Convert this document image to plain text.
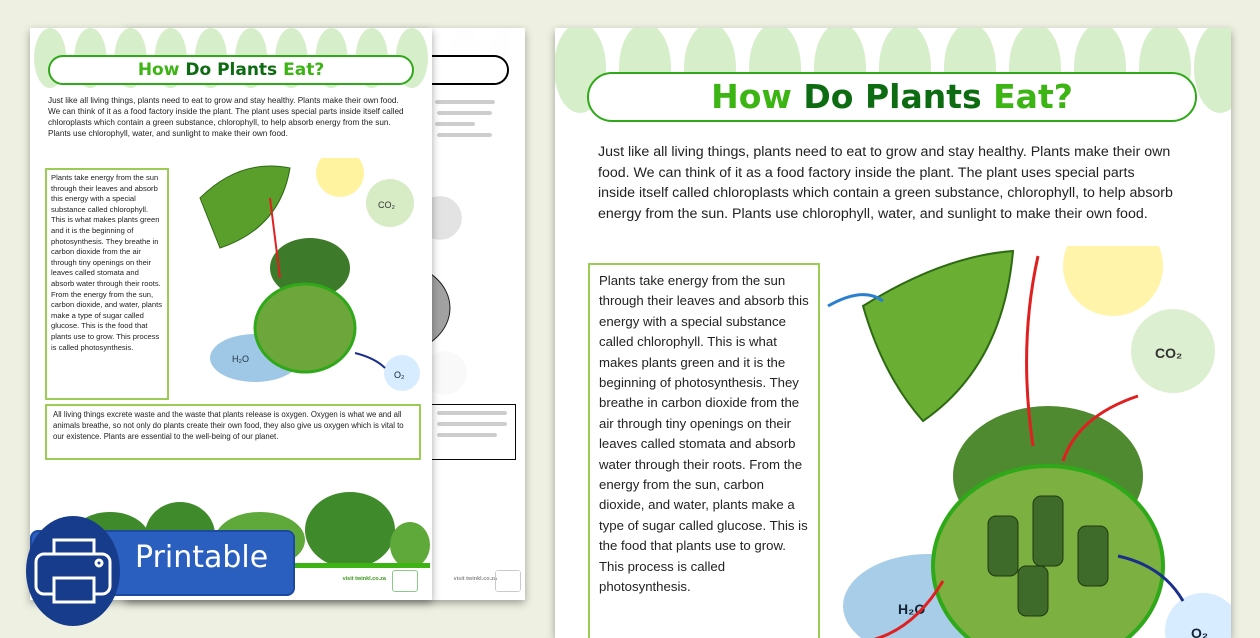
visit twinkl.co.za
How Do Plants Eat?
Just like all living things, plants need to eat to grow and stay healthy. Plants make their own food. We can think of it as a food factory inside the plant. The plant uses special parts inside itself called chloroplasts which contain a green substance, chlorophyll, to help absorb energy from the sun. Plants use chlorophyll, water, and sunlight to make their own food.
Plants take energy from the sun through their leaves and absorb this energy with a special substance called chlorophyll. This is what makes plants green and it is the beginning of photosynthesis. They breathe in carbon dioxide from the air through tiny openings on their leaves called stomata and absorb water through their roots. From the energy from the sun, carbon dioxide, and water, plants make a type of sugar called glucose. This is the food that plants use to grow. This process is called photosynthesis.
All living things excrete waste and the waste that plants release is oxygen. Oxygen is what we and all animals breathe, so not only do plants create their own food, they also give us oxygen which is vital to our existence. Plants are essential to the well-being of our planet.
CO₂
H₂O
O₂
visit twinkl.co.za
How Do Plants Eat?
Just like all living things, plants need to eat to grow and stay healthy. Plants make their own food. We can think of it as a food factory inside the plant. The plant uses special parts inside itself called chloroplasts which contain a green substance, chlorophyll, to help absorb energy from the sun. Plants use chlorophyll, water, and sunlight to make their own food.
Plants take energy from the sun through their leaves and absorb this energy with a special substance called chlorophyll. This is what makes plants green and it is the beginning of photosynthesis. They breathe in carbon dioxide from the air through tiny openings on their leaves called stomata and absorb water through their roots. From the energy from the sun, carbon dioxide, and water, plants make a type of sugar called glucose. This is the food that plants use to grow. This process is called photosynthesis.
CO₂
H₂O
O₂
Printable
